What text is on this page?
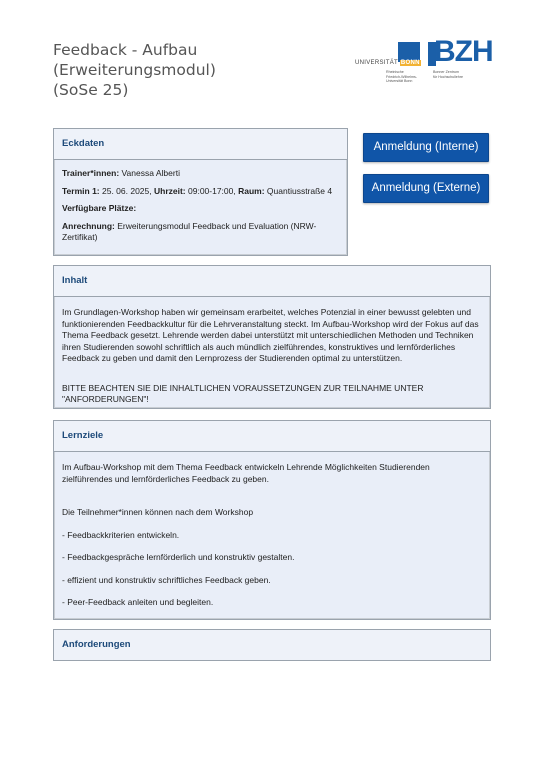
Feedback - Aufbau (Erweiterungsmodul)
(SoSe 25)
UNIVERSITÄT BONN
Rheinische
Friedrich-Wilhelms-
Universität Bonn
BZH
Bonner Zentrum
für Hochschullehre
Eckdaten

Trainer*innen: Vanessa Alberti

Termin 1: 25. 06. 2025, Uhrzeit: 09:00-17:00, Raum: Quantiusstraße 4

Verfügbare Plätze:

Anrechnung: Erweiterungsmodul Feedback und Evaluation (NRW-Zertifikat)

Anmeldung (Interne)
Anmeldung (Externe)
Inhalt

Im Grundlagen-Workshop haben wir gemeinsam erarbeitet, welches Potenzial in einer bewusst gelebten und funktionierenden Feedbackkultur für die Lehrveranstaltung steckt. Im Aufbau-Workshop wird der Fokus auf das Thema Feedback gesetzt. Lehrende werden dabei unterstützt mit unterschiedlichen Methoden und Techniken ihren Studierenden sowohl schriftlich als auch mündlich zielführendes, konstruktives und lernförderliches Feedback zu geben und damit den Lernprozess der Studierenden optimal zu unterstützen.

BITTE BEACHTEN SIE DIE INHALTLICHEN VORAUSSETZUNGEN ZUR TEILNAHME UNTER "ANFORDERUNGEN"!

Lernziele

Im Aufbau-Workshop mit dem Thema Feedback entwickeln Lehrende Möglichkeiten Studierenden zielführendes und lernförderliches Feedback zu geben.

Die Teilnehmer*innen können nach dem Workshop

- Feedbackkriterien entwickeln.

- Feedbackgespräche lernförderlich und konstruktiv gestalten.

- effizient und konstruktiv schriftliches Feedback geben.

- Peer-Feedback anleiten und begleiten.

Anforderungen
